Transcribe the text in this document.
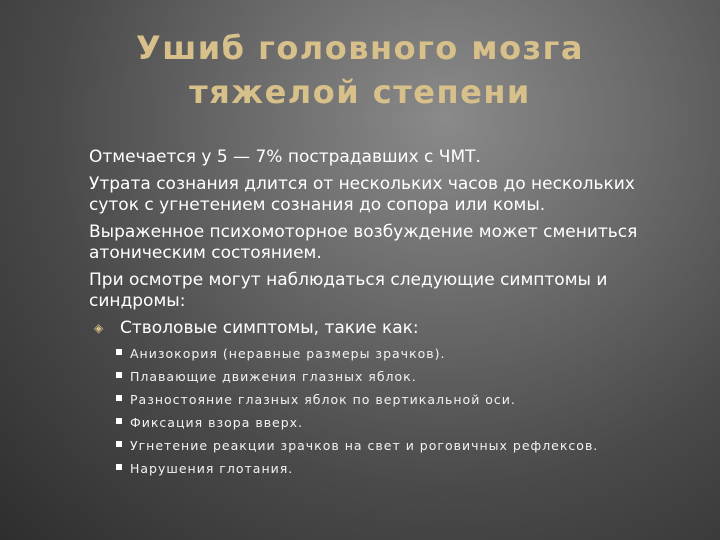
Ушиб головного мозга
тяжелой степени

Отмечается у 5 — 7% пострадавших с ЧМТ.

Утрата сознания длится от нескольких часов до нескольких суток с угнетением сознания до сопора или комы.

Выраженное психомоторное возбуждение может смениться атоническим состоянием.

При осмотре могут наблюдаться следующие симптомы и синдромы:

◈ Стволовые симптомы, такие как:
Анизокория (неравные размеры зрачков).
Плавающие движения глазных яблок.
Разностояние глазных яблок по вертикальной оси.
Фиксация взора вверх.
Угнетение реакции зрачков на свет и роговичных рефлексов.
Нарушения глотания.
